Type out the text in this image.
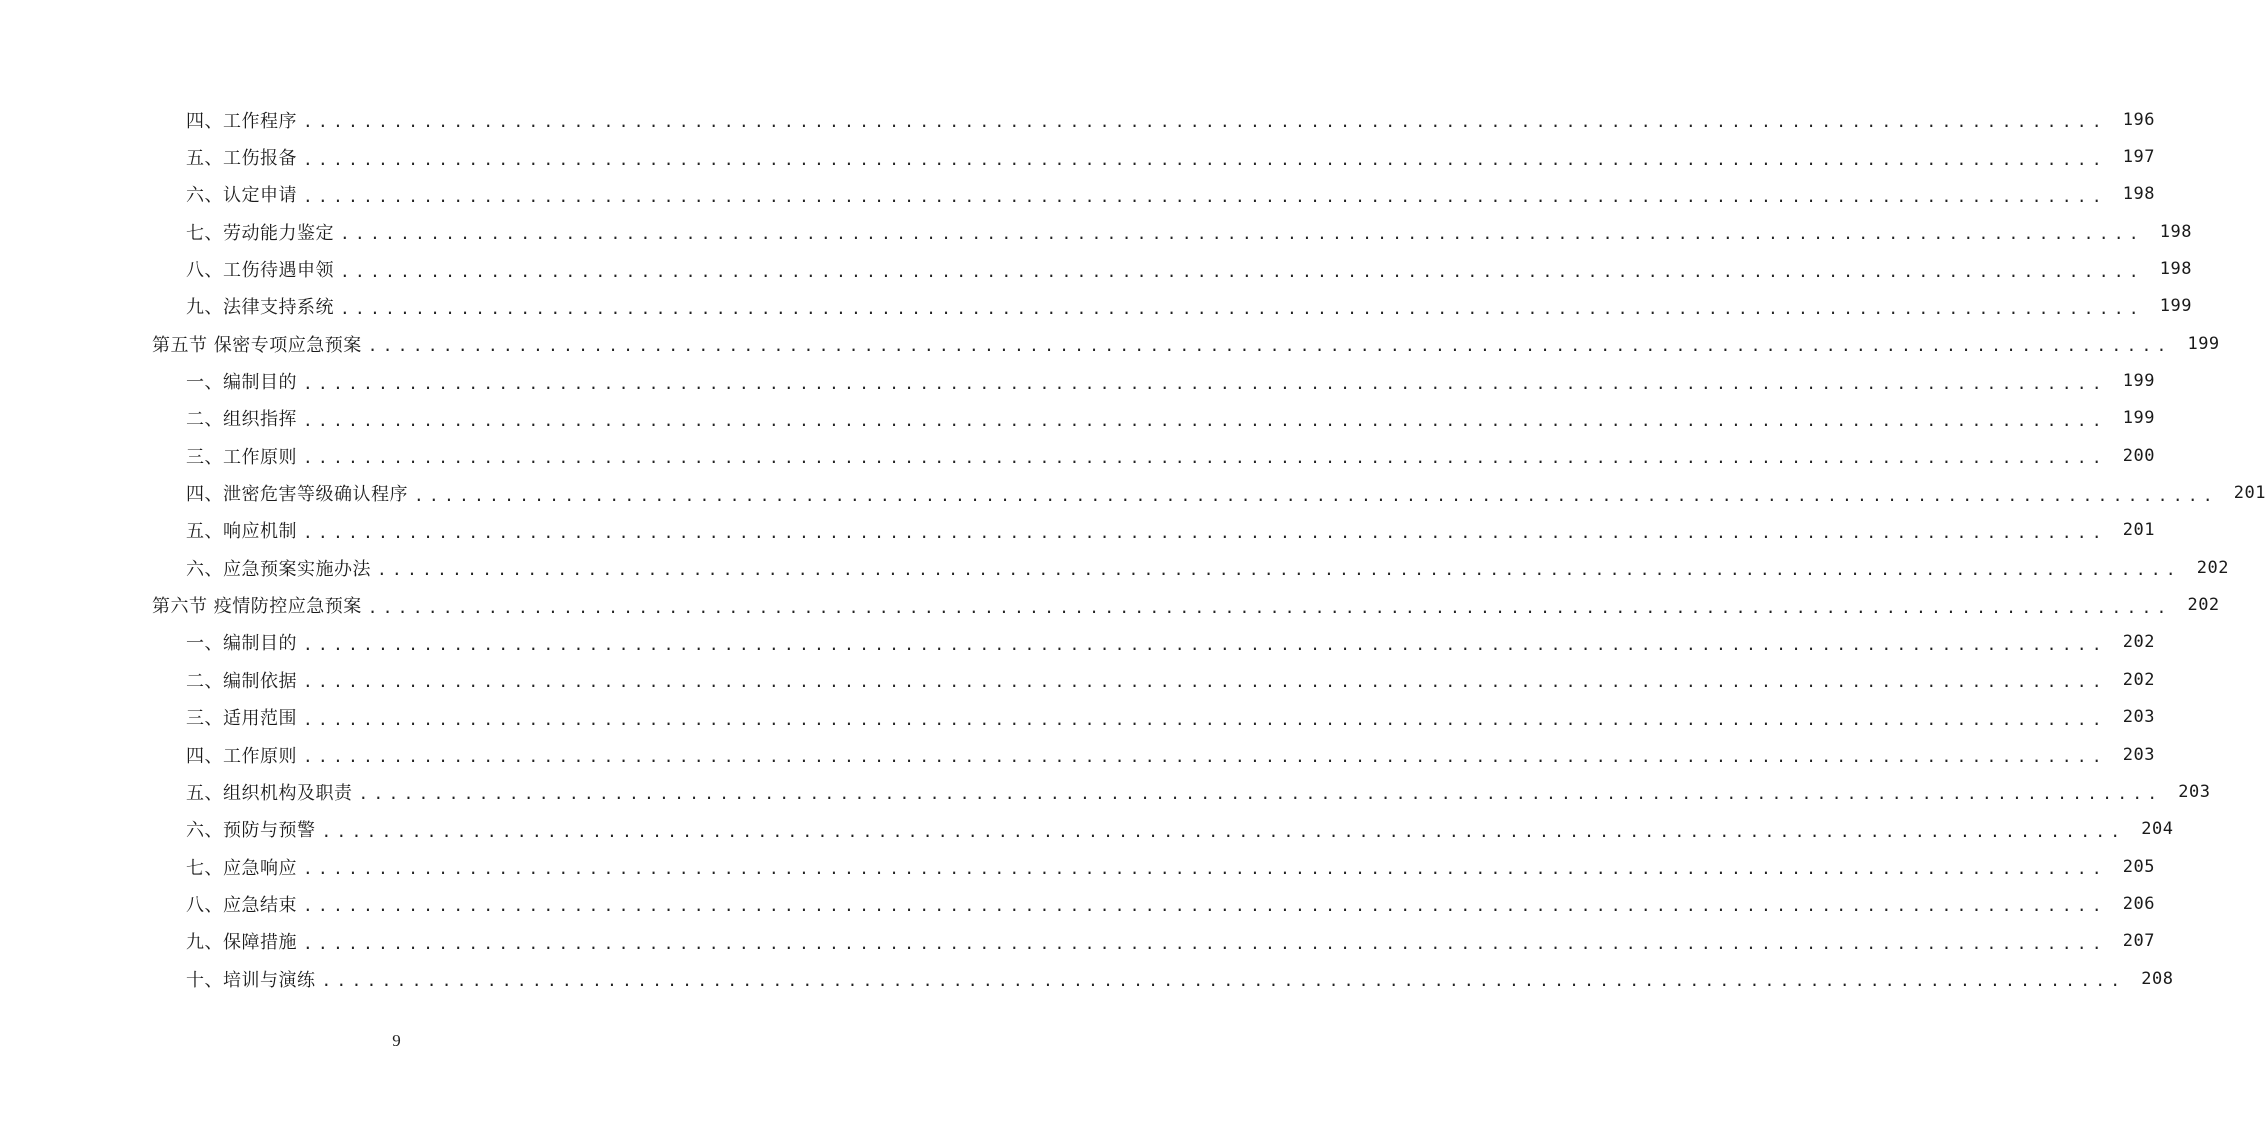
四、工作程序 ........................................................................................................................ 196
五、工伤报备 ........................................................................................................................ 197
六、认定申请 ........................................................................................................................ 198
七、劳动能力鉴定 ........................................................................................................................ 198
八、工伤待遇申领 ........................................................................................................................ 198
九、法律支持系统 ........................................................................................................................ 199
第五节 保密专项应急预案 ........................................................................................................................ 199
一、编制目的 ........................................................................................................................ 199
二、组织指挥 ........................................................................................................................ 199
三、工作原则 ........................................................................................................................ 200
四、泄密危害等级确认程序 ........................................................................................................................ 201
五、响应机制 ........................................................................................................................ 201
六、应急预案实施办法 ........................................................................................................................ 202
第六节 疫情防控应急预案 ........................................................................................................................ 202
一、编制目的 ........................................................................................................................ 202
二、编制依据 ........................................................................................................................ 202
三、适用范围 ........................................................................................................................ 203
四、工作原则 ........................................................................................................................ 203
五、组织机构及职责 ........................................................................................................................ 203
六、预防与预警 ........................................................................................................................ 204
七、应急响应 ........................................................................................................................ 205
八、应急结束 ........................................................................................................................ 206
九、保障措施 ........................................................................................................................ 207
十、培训与演练 ........................................................................................................................ 208
9
